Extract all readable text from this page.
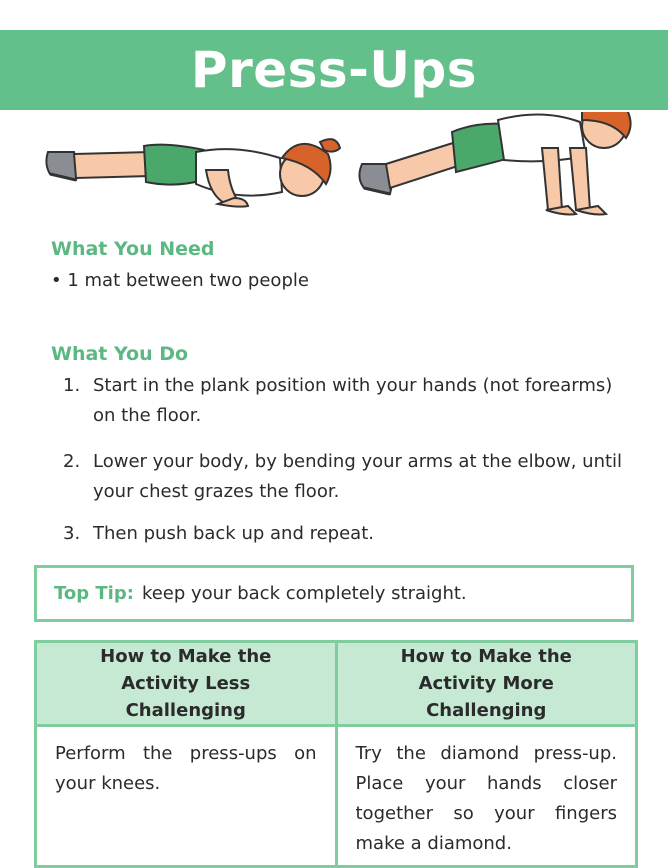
Press-Ups
What You Need
• 1 mat between two people
What You Do
1. Start in the plank position with your hands (not forearms) on the floor.
2. Lower your body, by bending your arms at the elbow, until your chest grazes the floor.
3. Then push back up and repeat.
Top Tip: keep your back completely straight.
How to Make the Activity Less Challenging	How to Make the Activity More Challenging
Perform the press-ups on your knees.	Try the diamond press-up. Place your hands closer together so your fingers make a diamond.
